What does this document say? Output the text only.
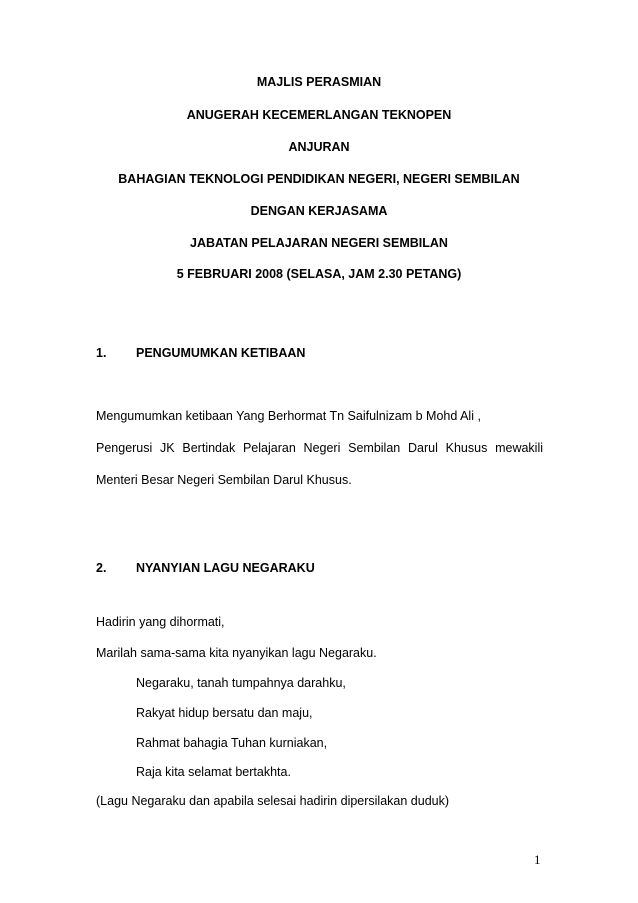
MAJLIS PERASMIAN
ANUGERAH KECEMERLANGAN TEKNOPEN
ANJURAN
BAHAGIAN TEKNOLOGI PENDIDIKAN NEGERI, NEGERI SEMBILAN
DENGAN KERJASAMA
JABATAN PELAJARAN NEGERI SEMBILAN
5 FEBRUARI 2008 (SELASA, JAM 2.30 PETANG)
1. PENGUMUMKAN KETIBAAN
Mengumumkan ketibaan Yang Berhormat Tn Saifulnizam b Mohd Ali ,
Pengerusi JK Bertindak Pelajaran Negeri Sembilan Darul Khusus mewakili
Menteri Besar Negeri Sembilan Darul Khusus.
2. NYANYIAN LAGU NEGARAKU
Hadirin yang dihormati,
Marilah sama-sama kita nyanyikan lagu Negaraku.
Negaraku, tanah tumpahnya darahku,
Rakyat hidup bersatu dan maju,
Rahmat bahagia Tuhan kurniakan,
Raja kita selamat bertakhta.
(Lagu Negaraku dan apabila selesai hadirin dipersilakan duduk)
1
